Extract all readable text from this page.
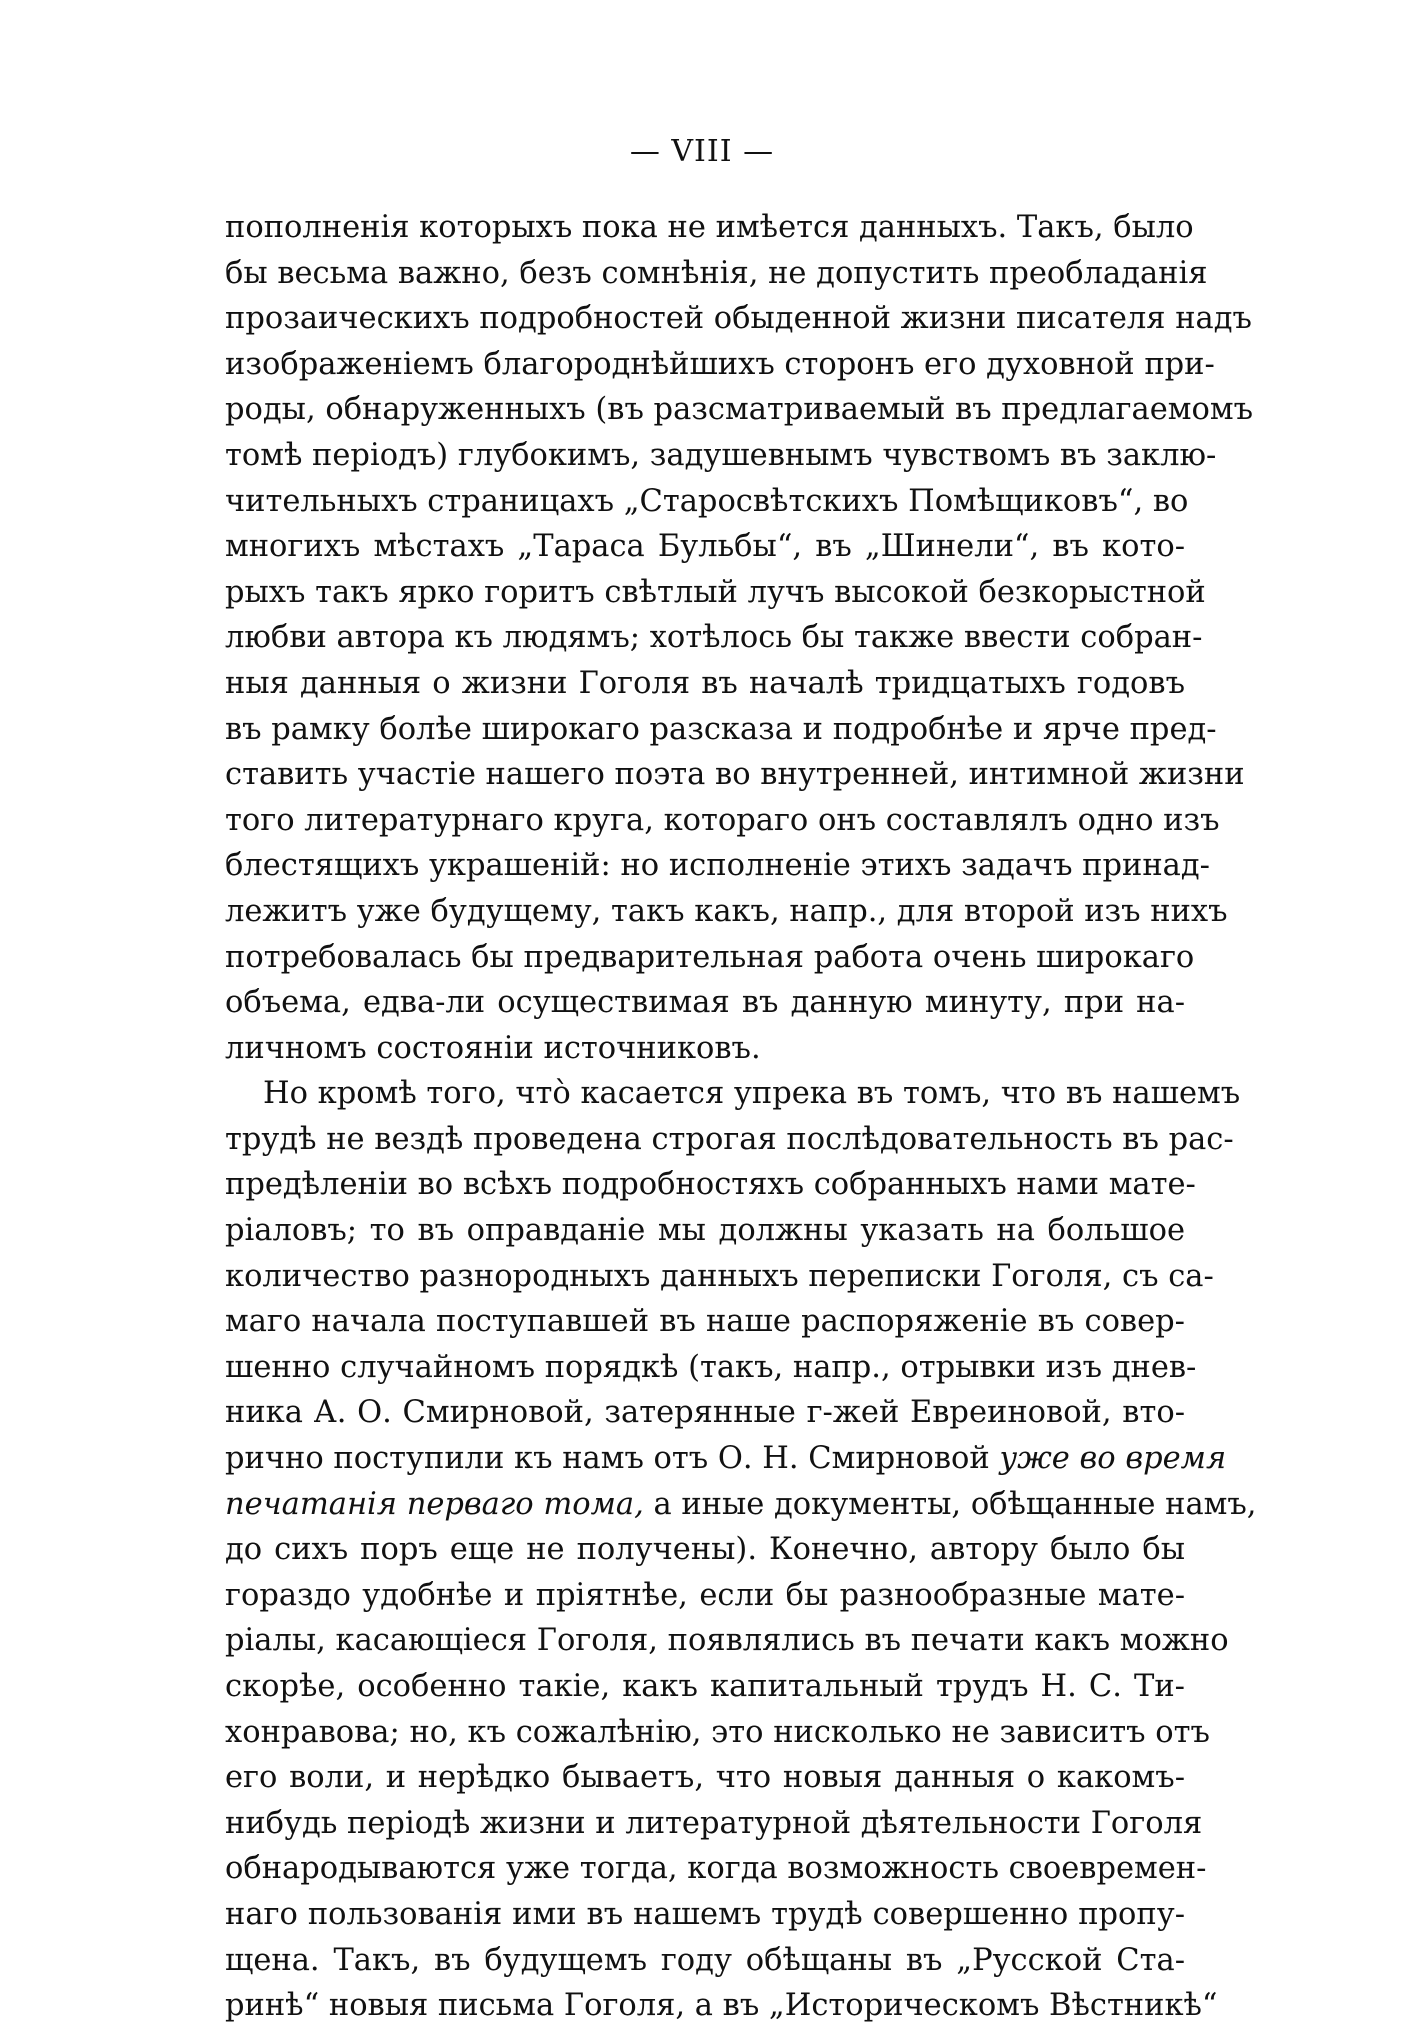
— VIII —
пополненія которыхъ пока не имѣется данныхъ. Такъ, было
бы весьма важно, безъ сомнѣнія, не допустить преобладанія
прозаическихъ подробностей обыденной жизни писателя надъ
изображеніемъ благороднѣйшихъ сторонъ его духовной при-
роды, обнаруженныхъ (въ разсматриваемый въ предлагаемомъ
томѣ періодъ) глубокимъ, задушевнымъ чувствомъ въ заклю-
чительныхъ страницахъ „Старосвѣтскихъ Помѣщиковъ“, во
многихъ мѣстахъ „Тараса Бульбы“, въ „Шинели“, въ кото-
рыхъ такъ ярко горитъ свѣтлый лучъ высокой безкорыстной
любви автора къ людямъ; хотѣлось бы также ввести собран-
ныя данныя о жизни Гоголя въ началѣ тридцатыхъ годовъ
въ рамку болѣе широкаго разсказа и подробнѣе и ярче пред-
ставить участіе нашего поэта во внутренней, интимной жизни
того литературнаго круга, котораго онъ составлялъ одно изъ
блестящихъ украшеній: но исполненіе этихъ задачъ принад-
лежитъ уже будущему, такъ какъ, напр., для второй изъ нихъ
потребовалась бы предварительная работа очень широкаго
объема, едва-ли осуществимая въ данную минуту, при на-
личномъ состояніи источниковъ.
Но кромѣ того, что̀ касается упрека въ томъ, что въ нашемъ
трудѣ не вездѣ проведена строгая послѣдовательность въ рас-
предѣленіи во всѣхъ подробностяхъ собранныхъ нами мате-
ріаловъ; то въ оправданіе мы должны указать на большое
количество разнородныхъ данныхъ переписки Гоголя, съ са-
маго начала поступавшей въ наше распоряженіе въ совер-
шенно случайномъ порядкѣ (такъ, напр., отрывки изъ днев-
ника А. О. Смирновой, затерянные г-жей Евреиновой, вто-
рично поступили къ намъ отъ О. Н. Смирновой уже во время
печатанія перваго тома, а иные документы, обѣщанные намъ,
до сихъ поръ еще не получены). Конечно, автору было бы
гораздо удобнѣе и пріятнѣе, если бы разнообразные мате-
ріалы, касающіеся Гоголя, появлялись въ печати какъ можно
скорѣе, особенно такіе, какъ капитальный трудъ Н. С. Ти-
хонравова; но, къ сожалѣнію, это нисколько не зависитъ отъ
его воли, и нерѣдко бываетъ, что новыя данныя о какомъ-
нибудь періодѣ жизни и литературной дѣятельности Гоголя
обнародываются уже тогда, когда возможность своевремен-
наго пользованія ими въ нашемъ трудѣ совершенно пропу-
щена. Такъ, въ будущемъ году обѣщаны въ „Русской Ста-
ринѣ“ новыя письма Гоголя, а въ „Историческомъ Вѣстникѣ“
